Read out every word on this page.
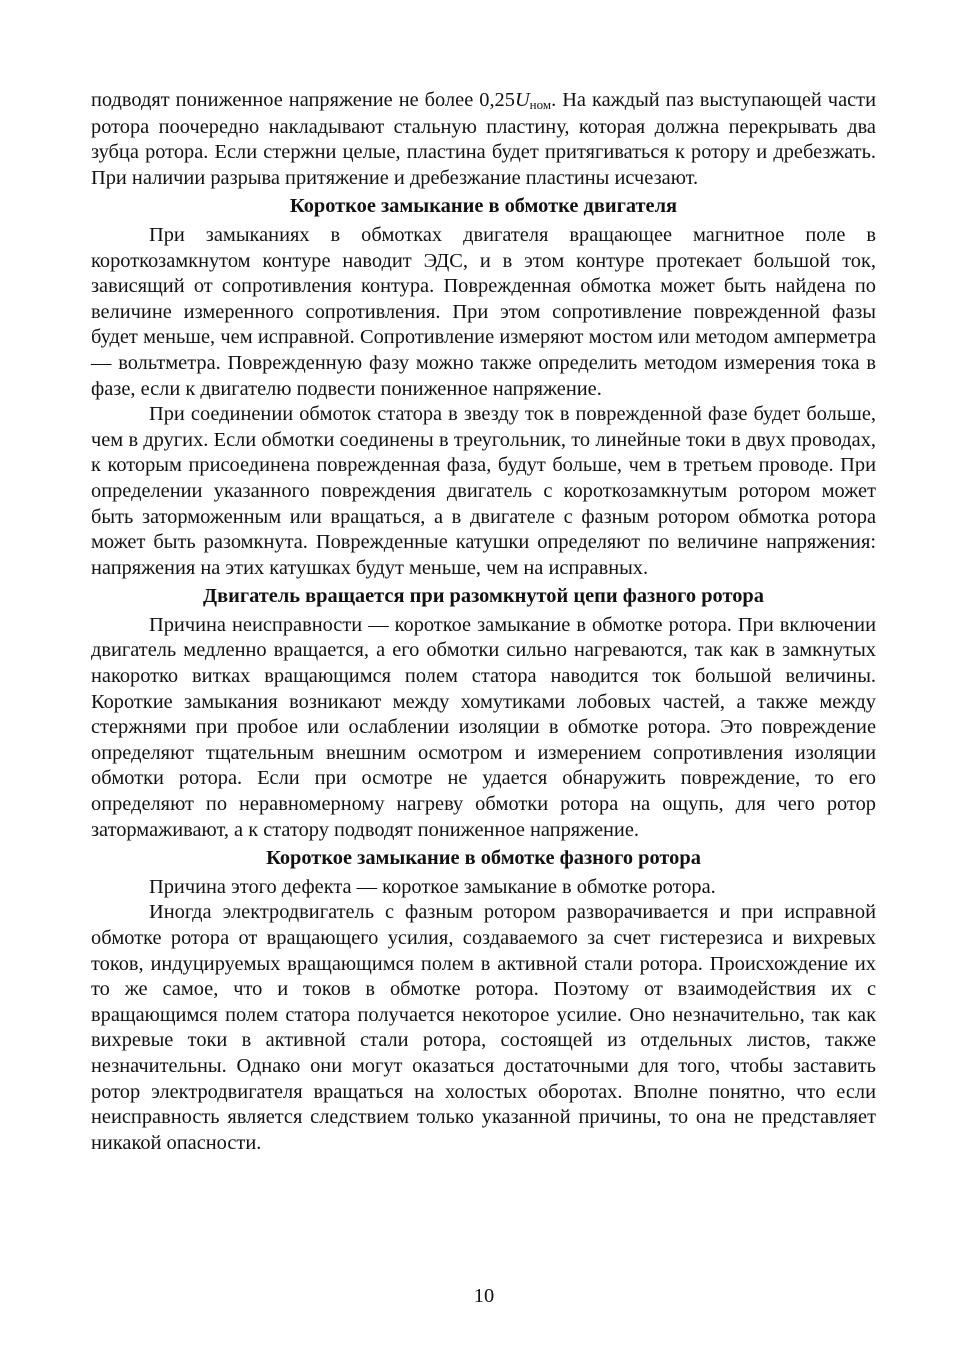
подводят пониженное напряжение не более 0,25Uном. На каждый паз выступающей части ротора поочередно накладывают стальную пластину, которая должна перекрывать два зубца ротора. Если стержни целые, пластина будет притягиваться к ротору и дребезжать. При наличии разрыва притяжение и дребезжание пластины исчезают.

Короткое замыкание в обмотке двигателя

При замыканиях в обмотках двигателя вращающее магнитное поле в короткозамкнутом контуре наводит ЭДС, и в этом контуре протекает большой ток, зависящий от сопротивления контура. Поврежденная обмотка может быть найдена по величине измеренного сопротивления. При этом сопротивление поврежденной фазы будет меньше, чем исправной. Сопротивление измеряют мостом или методом амперметра — вольтметра. Поврежденную фазу можно также определить методом измерения тока в фазе, если к двигателю подвести пониженное напряжение.

При соединении обмоток статора в звезду ток в поврежденной фазе будет больше, чем в других. Если обмотки соединены в треугольник, то линейные токи в двух проводах, к которым присоединена поврежденная фаза, будут больше, чем в третьем проводе. При определении указанного повреждения двигатель с короткозамкнутым ротором может быть заторможенным или вращаться, а в двигателе с фазным ротором обмотка ротора может быть разомкнута. Поврежденные катушки определяют по величине напряжения: напряжения на этих катушках будут меньше, чем на исправных.

Двигатель вращается при разомкнутой цепи фазного ротора

Причина неисправности — короткое замыкание в обмотке ротора. При включении двигатель медленно вращается, а его обмотки сильно нагреваются, так как в замкнутых накоротко витках вращающимся полем статора наводится ток большой величины. Короткие замыкания возникают между хомутиками лобовых частей, а также между стержнями при пробое или ослаблении изоляции в обмотке ротора. Это повреждение определяют тщательным внешним осмотром и измерением сопротивления изоляции обмотки ротора. Если при осмотре не удается обнаружить повреждение, то его определяют по неравномерному нагреву обмотки ротора на ощупь, для чего ротор затормаживают, а к статору подводят пониженное напряжение.

Короткое замыкание в обмотке фазного ротора

Причина этого дефекта — короткое замыкание в обмотке ротора.

Иногда электродвигатель с фазным ротором разворачивается и при исправной обмотке ротора от вращающего усилия, создаваемого за счет гистерезиса и вихревых токов, индуцируемых вращающимся полем в активной стали ротора. Происхождение их то же самое, что и токов в обмотке ротора. Поэтому от взаимодействия их с вращающимся полем статора получается некоторое усилие. Оно незначительно, так как вихревые токи в активной стали ротора, состоящей из отдельных листов, также незначительны. Однако они могут оказаться достаточными для того, чтобы заставить ротор электродвигателя вращаться на холостых оборотах. Вполне понятно, что если неисправность является следствием только указанной причины, то она не представляет никакой опасности.

10
